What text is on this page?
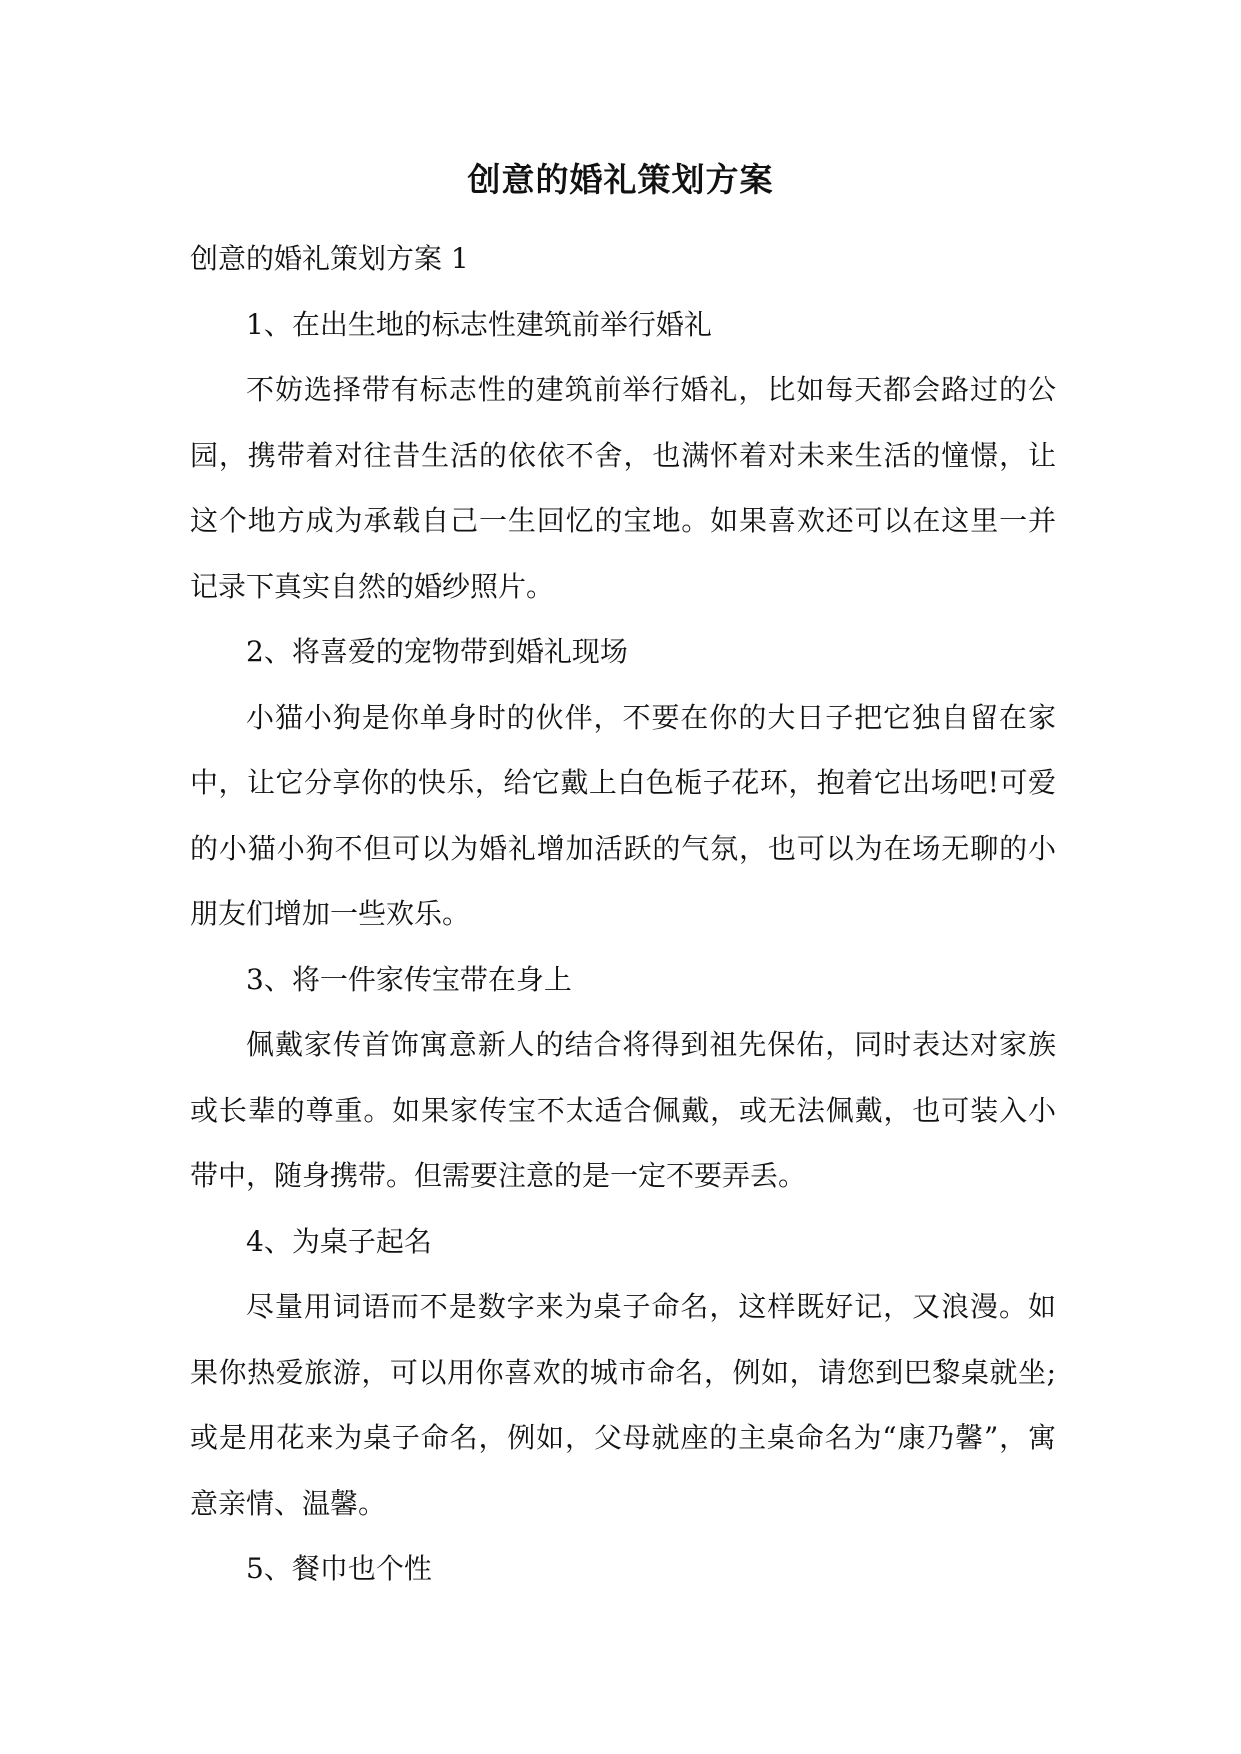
创意的婚礼策划方案

创意的婚礼策划方案 1

1、在出生地的标志性建筑前举行婚礼

不妨选择带有标志性的建筑前举行婚礼，比如每天都会路过的公园，携带着对往昔生活的依依不舍，也满怀着对未来生活的憧憬，让这个地方成为承载自己一生回忆的宝地。如果喜欢还可以在这里一并记录下真实自然的婚纱照片。

2、将喜爱的宠物带到婚礼现场

小猫小狗是你单身时的伙伴，不要在你的大日子把它独自留在家中，让它分享你的快乐，给它戴上白色栀子花环，抱着它出场吧!可爱的小猫小狗不但可以为婚礼增加活跃的气氛，也可以为在场无聊的小朋友们增加一些欢乐。

3、将一件家传宝带在身上

佩戴家传首饰寓意新人的结合将得到祖先保佑，同时表达对家族或长辈的尊重。如果家传宝不太适合佩戴，或无法佩戴，也可装入小带中，随身携带。但需要注意的是一定不要弄丢。

4、为桌子起名

尽量用词语而不是数字来为桌子命名，这样既好记，又浪漫。如果你热爱旅游，可以用你喜欢的城市命名，例如，请您到巴黎桌就坐;或是用花来为桌子命名，例如，父母就座的主桌命名为“康乃馨”，寓意亲情、温馨。

5、餐巾也个性
